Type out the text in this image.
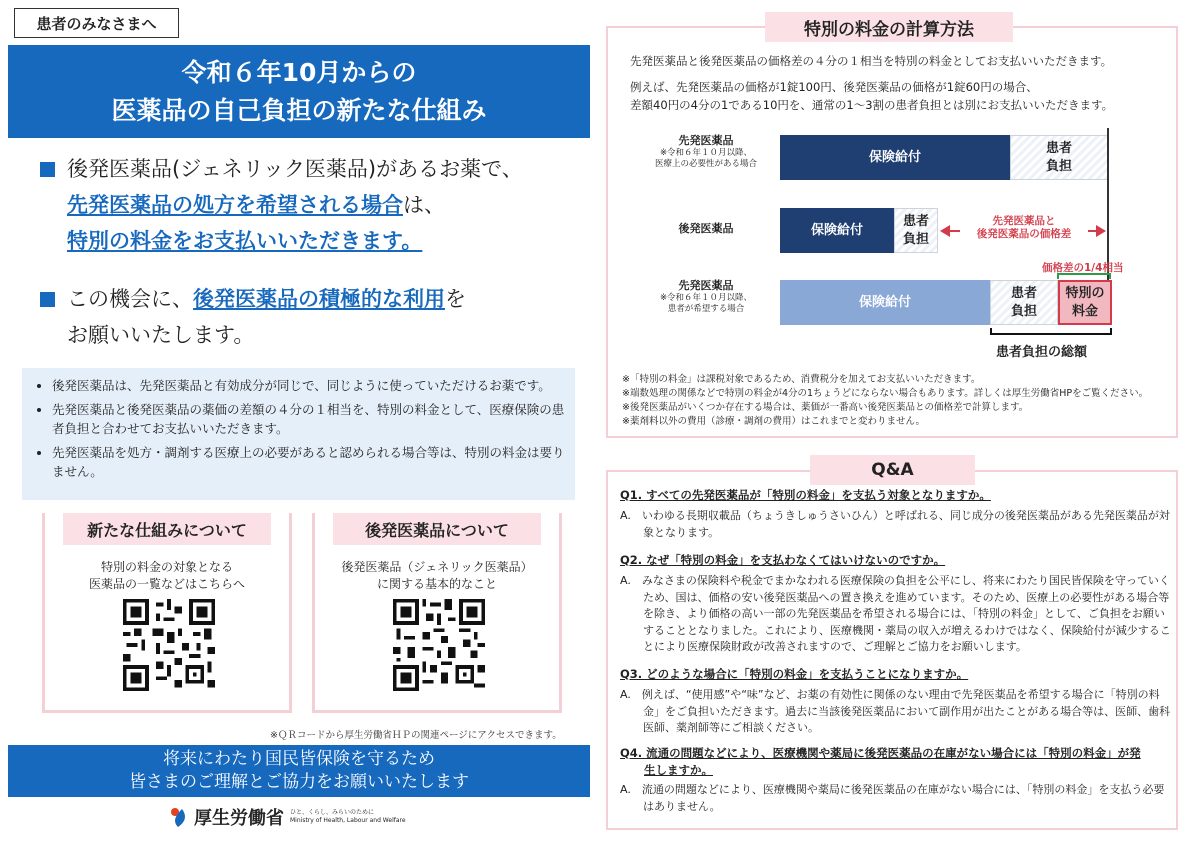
患者のみなさまへ
令和６年10月からの
医薬品の自己負担の新たな仕組み
後発医薬品(ジェネリック医薬品)があるお薬で、
先発医薬品の処方を希望される場合は、
特別の料金をお支払いいただきます。
この機会に、後発医薬品の積極的な利用を
お願いいたします。
• 後発医薬品は、先発医薬品と有効成分が同じで、同じように使っていただけるお薬です。
• 先発医薬品と後発医薬品の薬価の差額の４分の１相当を、特別の料金として、医療保険の患者負担と合わせてお支払いいただきます。
• 先発医薬品を処方・調剤する医療上の必要があると認められる場合等は、特別の料金は要りません。
新たな仕組みについて
特別の料金の対象となる
医薬品の一覧などはこちらへ
後発医薬品について
後発医薬品（ジェネリック医薬品）
に関する基本的なこと
※ＱＲコードから厚生労働省ＨＰの関連ページにアクセスできます。
将来にわたり国民皆保険を守るため
皆さまのご理解とご協力をお願いいたします
厚生労働省 ひと、くらし、みらいのために
Ministry of Health, Labour and Welfare
特別の料金の計算方法
先発医薬品と後発医薬品の価格差の４分の１相当を特別の料金としてお支払いいただきます。
例えば、先発医薬品の価格が1錠100円、後発医薬品の価格が1錠60円の場合、
差額40円の4分の1である10円を、通常の1～3割の患者負担とは別にお支払いいただきます。
先発医薬品
※令和６年１０月以降、
医療上の必要性がある場合
後発医薬品
先発医薬品
※令和６年１０月以降、
患者が希望する場合
保険給付
患者
負担
保険給付
患者
負担
先発医薬品と
後発医薬品の価格差
価格差の1/4相当
保険給付
患者
負担
特別の
料金
患者負担の総額
※「特別の料金」は課税対象であるため、消費税分を加えてお支払いいただきます。
※端数処理の関係などで特別の料金が4分の1ちょうどにならない場合もあります。詳しくは厚生労働省HPをご覧ください。
※後発医薬品がいくつか存在する場合は、薬価が一番高い後発医薬品との価格差で計算します。
※薬剤料以外の費用（診療・調剤の費用）はこれまでと変わりません。
Q&A
Q1. すべての先発医薬品が「特別の料金」を支払う対象となりますか。
A.　いわゆる長期収載品（ちょうきしゅうさいひん）と呼ばれる、同じ成分の後発医薬品がある先発医薬品が対象となります。
Q2. なぜ「特別の料金」を支払わなくてはいけないのですか。
A.　みなさまの保険料や税金でまかなわれる医療保険の負担を公平にし、将来にわたり国民皆保険を守っていくため、国は、価格の安い後発医薬品への置き換えを進めています。そのため、医療上の必要性がある場合等を除き、より価格の高い一部の先発医薬品を希望される場合には、「特別の料金」として、ご負担をお願いすることとなりました。これにより、医療機関・薬局の収入が増えるわけではなく、保険給付が減少することにより医療保険財政が改善されますので、ご理解とご協力をお願いします。
Q3. どのような場合に「特別の料金」を支払うことになりますか。
A.　例えば、“使用感”や“味”など、お薬の有効性に関係のない理由で先発医薬品を希望する場合に「特別の料金」をご負担いただきます。過去に当該後発医薬品において副作用が出たことがある場合等は、医師、歯科医師、薬剤師等にご相談ください。
Q4. 流通の問題などにより、医療機関や薬局に後発医薬品の在庫がない場合には「特別の料金」が発
生しますか。
A.　流通の問題などにより、医療機関や薬局に後発医薬品の在庫がない場合には、「特別の料金」を支払う必要はありません。
